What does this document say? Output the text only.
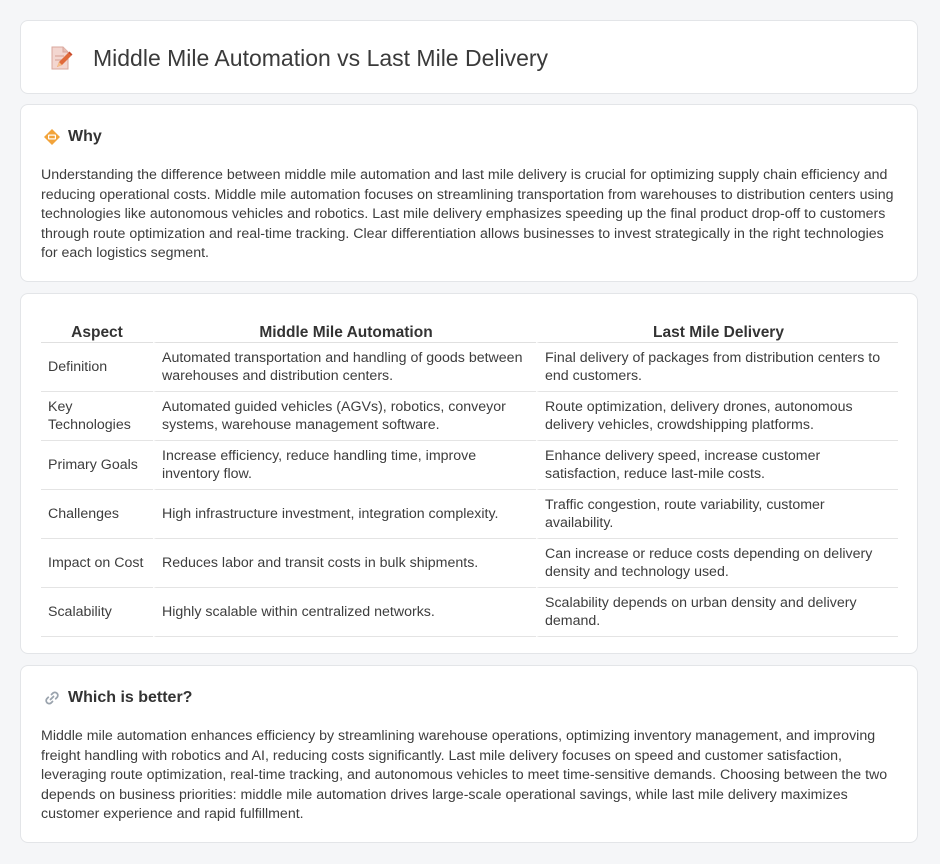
Middle Mile Automation vs Last Mile Delivery
Why

Understanding the difference between middle mile automation and last mile delivery is crucial for optimizing supply chain efficiency and reducing operational costs. Middle mile automation focuses on streamlining transportation from warehouses to distribution centers using technologies like autonomous vehicles and robotics. Last mile delivery emphasizes speeding up the final product drop-off to customers through route optimization and real-time tracking. Clear differentiation allows businesses to invest strategically in the right technologies for each logistics segment.

Aspect	Middle Mile Automation	Last Mile Delivery
Definition	Automated transportation and handling of goods between warehouses and distribution centers.	Final delivery of packages from distribution centers to end customers.
Key Technologies	Automated guided vehicles (AGVs), robotics, conveyor systems, warehouse management software.	Route optimization, delivery drones, autonomous delivery vehicles, crowdshipping platforms.
Primary Goals	Increase efficiency, reduce handling time, improve inventory flow.	Enhance delivery speed, increase customer satisfaction, reduce last-mile costs.
Challenges	High infrastructure investment, integration complexity.	Traffic congestion, route variability, customer availability.
Impact on Cost	Reduces labor and transit costs in bulk shipments.	Can increase or reduce costs depending on delivery density and technology used.
Scalability	Highly scalable within centralized networks.	Scalability depends on urban density and delivery demand.
Which is better?

Middle mile automation enhances efficiency by streamlining warehouse operations, optimizing inventory management, and improving freight handling with robotics and AI, reducing costs significantly. Last mile delivery focuses on speed and customer satisfaction, leveraging route optimization, real-time tracking, and autonomous vehicles to meet time-sensitive demands. Choosing between the two depends on business priorities: middle mile automation drives large-scale operational savings, while last mile delivery maximizes customer experience and rapid fulfillment.
